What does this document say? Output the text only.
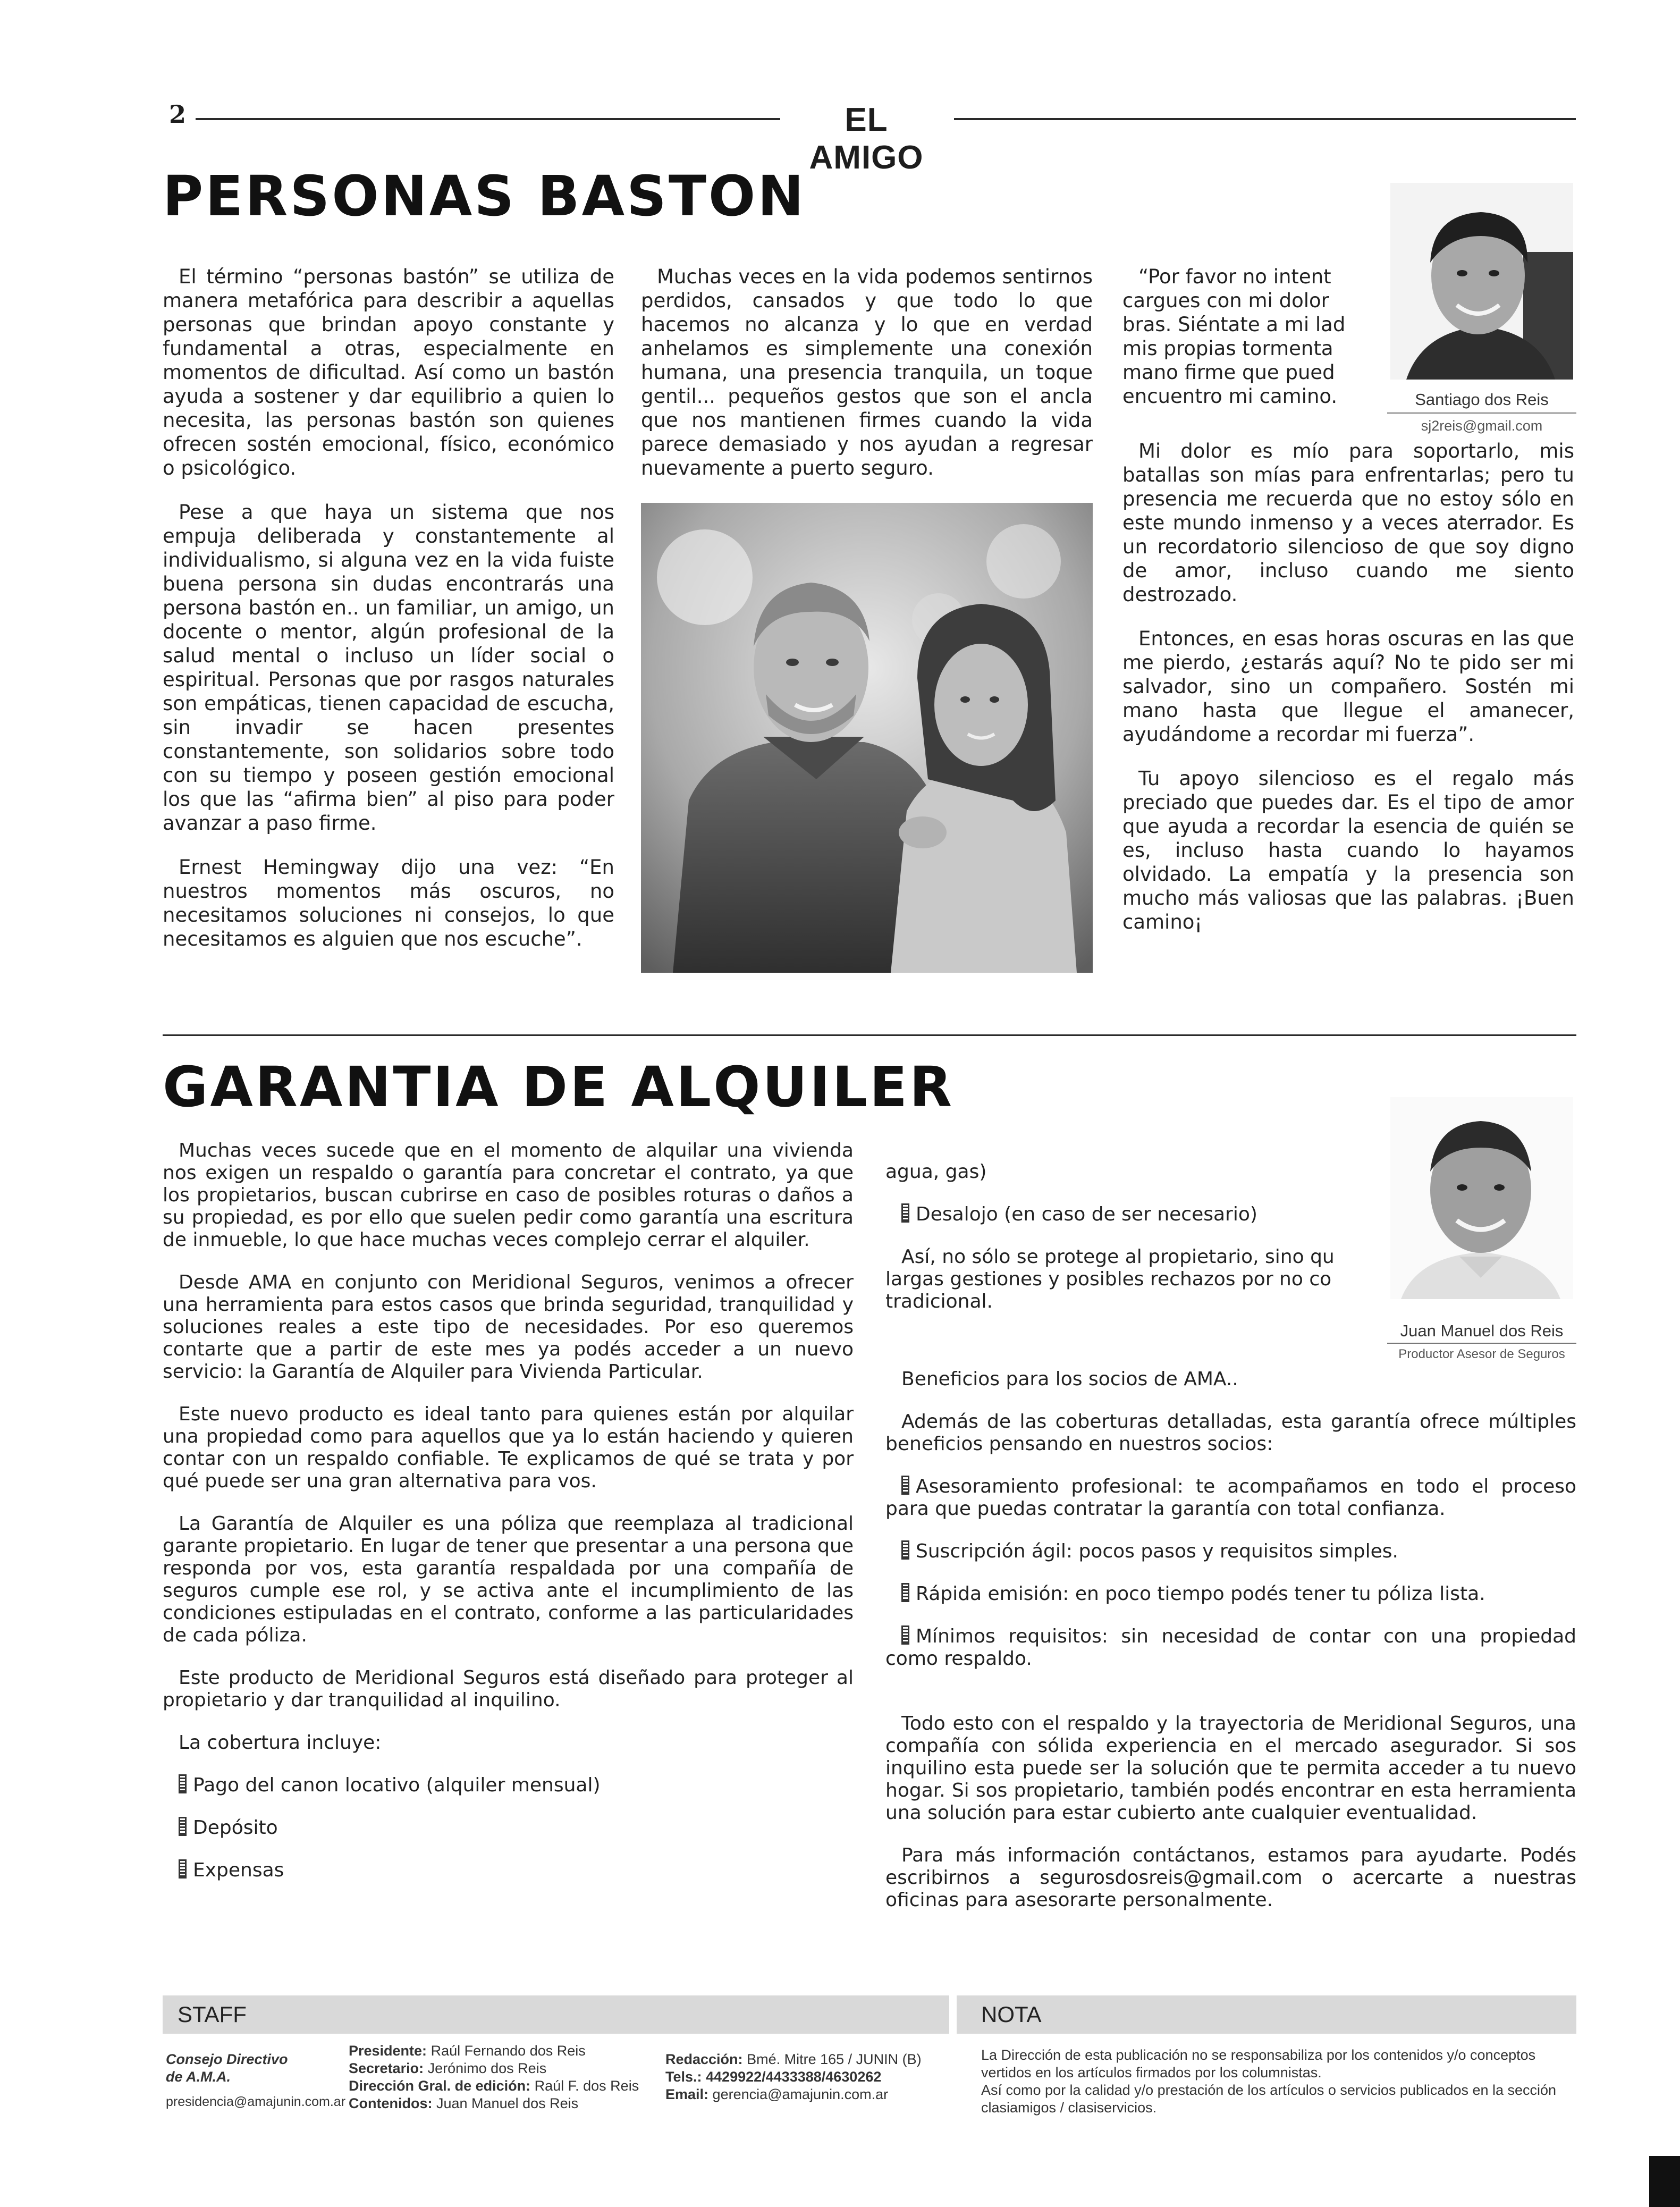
2	EL AMIGO
PERSONAS BASTON

El término “personas bastón” se utiliza de manera metafórica para describir a aquellas personas que brindan apoyo constante y fundamental a otras, especialmente en momentos de dificultad. Así como un bastón ayuda a sostener y dar equilibrio a quien lo necesita, las personas bastón son quienes ofrecen sostén emocional, físico, económico o psicológico.

Pese a que haya un sistema que nos empuja deliberada y constantemente al individualismo, si alguna vez en la vida fuiste buena persona sin dudas encontrarás una persona bastón en.. un familiar, un amigo, un docente o mentor, algún profesional de la salud mental o incluso un líder social o espiritual. Personas que por rasgos naturales son empáticas, tienen capacidad de escucha, sin invadir se hacen presentes constantemente, son solidarios sobre todo con su tiempo y poseen gestión emocional los que las “afirma bien” al piso para poder avanzar a paso firme.

Ernest Hemingway dijo una vez: “En nuestros momentos más oscuros, no necesitamos soluciones ni consejos, lo que necesitamos es alguien que nos escuche”.

Muchas veces en la vida podemos sentirnos perdidos, cansados y que todo lo que hacemos no alcanza y lo que en verdad anhelamos es simplemente una conexión humana, una presencia tranquila, un toque gentil... pequeños gestos que son el ancla que nos mantienen firmes cuando la vida parece demasiado y nos ayudan a regresar nuevamente a puerto seguro.

“Por favor no intent
cargues con mi dolor
bras. Siéntate a mi lad
mis propias tormenta
mano firme que pued
encuentro mi camino.	Santiago dos Reis
sj2reis@gmail.com

Mi dolor es mío para soportarlo, mis batallas son mías para enfrentarlas; pero tu presencia me recuerda que no estoy sólo en este mundo inmenso y a veces aterrador. Es un recordatorio silencioso de que soy digno de amor, incluso cuando me siento destrozado.

Entonces, en esas horas oscuras en las que me pierdo, ¿estarás aquí? No te pido ser mi salvador, sino un compañero. Sostén mi mano hasta que llegue el amanecer, ayudándome a recordar mi fuerza”.

Tu apoyo silencioso es el regalo más preciado que puedes dar. Es el tipo de amor que ayuda a recordar la esencia de quién se es, incluso hasta cuando lo hayamos olvidado. La empatía y la presencia son mucho más valiosas que las palabras. ¡Buen camino¡

GARANTIA DE ALQUILER

Muchas veces sucede que en el momento de alquilar una vivienda nos exigen un respaldo o garantía para concretar el contrato, ya que los propietarios, buscan cubrirse en caso de posibles roturas o daños a su propiedad, es por ello que suelen pedir como garantía una escritura de inmueble, lo que hace muchas veces complejo cerrar el alquiler.

Desde AMA en conjunto con Meridional Seguros, venimos a ofrecer una herramienta para estos casos que brinda seguridad, tranquilidad y soluciones reales a este tipo de necesidades. Por eso queremos contarte que a partir de este mes ya podés acceder a un nuevo servicio: la Garantía de Alquiler para Vivienda Particular.

Este nuevo producto es ideal tanto para quienes están por alquilar una propiedad como para aquellos que ya lo están haciendo y quieren contar con un respaldo confiable. Te explicamos de qué se trata y por qué puede ser una gran alternativa para vos.

La Garantía de Alquiler es una póliza que reemplaza al tradicional garante propietario. En lugar de tener que presentar a una persona que responda por vos, esta garantía respaldada por una compañía de seguros cumple ese rol, y se activa ante el incumplimiento de las condiciones estipuladas en el contrato, conforme a las particularidades de cada póliza.

Este producto de Meridional Seguros está diseñado para proteger al propietario y dar tranquilidad al inquilino.

La cobertura incluye:

Pago del canon locativo (alquiler mensual)

Depósito

Expensas

agua, gas)

Desalojo (en caso de ser necesario)

Así, no sólo se protege al propietario, sino qu
largas gestiones y posibles rechazos por no co
tradicional.
Juan Manuel dos Reis
Productor Asesor de Seguros

Beneficios para los socios de AMA..

Además de las coberturas detalladas, esta garantía ofrece múltiples beneficios pensando en nuestros socios:

Asesoramiento profesional: te acompañamos en todo el proceso para que puedas contratar la garantía con total confianza.

Suscripción ágil: pocos pasos y requisitos simples.

Rápida emisión: en poco tiempo podés tener tu póliza lista.

Mínimos requisitos: sin necesidad de contar con una propiedad como respaldo.

Todo esto con el respaldo y la trayectoria de Meridional Seguros, una compañía con sólida experiencia en el mercado asegurador. Si sos inquilino esta puede ser la solución que te permita acceder a tu nuevo hogar. Si sos propietario, también podés encontrar en esta herramienta una solución para estar cubierto ante cualquier eventualidad.

Para más información contáctanos, estamos para ayudarte. Podés escribirnos a segurosdosreis@gmail.com o acercarte a nuestras oficinas para asesorarte personalmente.

STAFF	NOTA
Consejo Directivo
de A.M.A.
presidencia@amajunin.com.ar
Presidente: Raúl Fernando dos Reis
Secretario: Jerónimo dos Reis
Dirección Gral. de edición: Raúl F. dos Reis
Contenidos: Juan Manuel dos Reis
Redacción: Bmé. Mitre 165 / JUNIN (B)
Tels.: 4429922/4433388/4630262
Email: gerencia@amajunin.com.ar
La Dirección de esta publicación no se responsabiliza por los contenidos y/o conceptos vertidos en los artículos firmados por los columnistas.
Así como por la calidad y/o prestación de los artículos o servicios publicados en la sección clasiamigos / clasiservicios.
